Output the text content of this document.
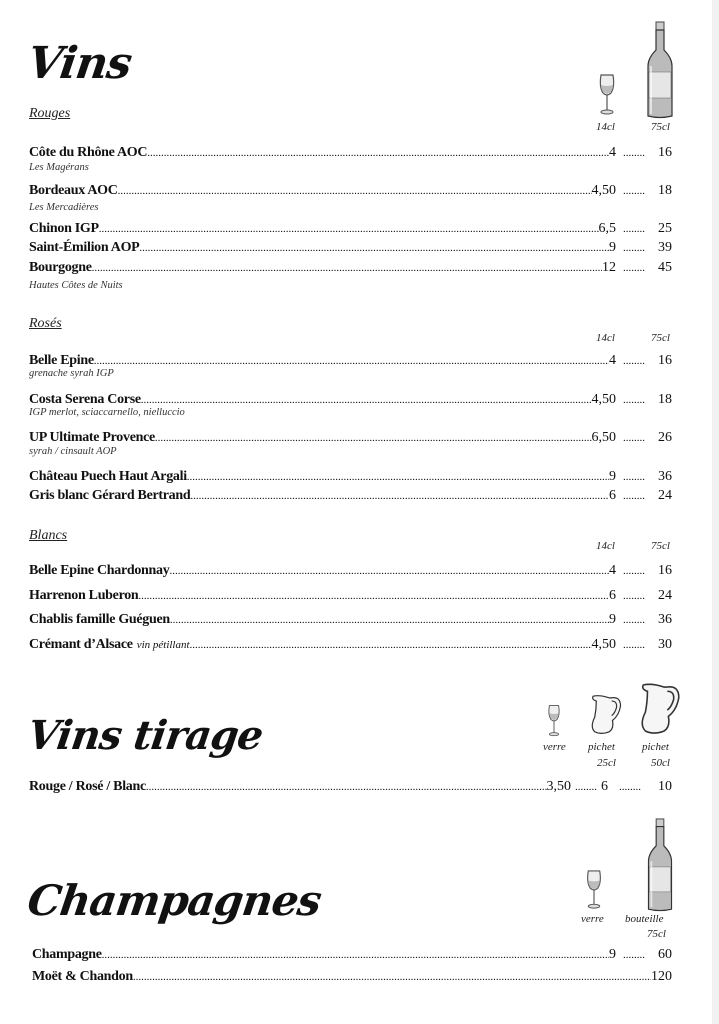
Vins
Rouges
14cl	75cl
Côte du Rhône AOC .....	4 ........	16
Les Magérans
Bordeaux AOC .....	4,50 ........	18
Les Mercadières
Chinon IGP .....	6,5 ........	25
Saint-Émilion AOP .....	9 ........	39
Bourgogne .....	12 ........	45
Hautes Côtes de Nuits
Rosés
14cl	75cl
Belle Epine .....	4 ........	16
grenache syrah IGP
Costa Serena Corse .....	4,50 ........	18
IGP merlot, sciaccarnello, nielluccio
UP Ultimate Provence .....	6,50 ........	26
syrah / cinsault AOP
Château Puech Haut Argali .....	9 ........	36
Gris blanc Gérard Bertrand .....	6 ........	24
Blancs
14cl	75cl
Belle Epine Chardonnay .....	4 ........	16
Harrenon Luberon .....	6 ........	24
Chablis famille Guéguen .....	9 ........	36
Crémant d’Alsace vin pétillant .....	4,50 ........	30
Vins tirage	verre pichet
25cl
pichet
50cl
Rouge / Rosé / Blanc .....	3,50 ........ 6 ........	10
Champagnes	verre bouteille
75cl
Champagne .....	9 ........	60
Moët & Chandon .....	120
